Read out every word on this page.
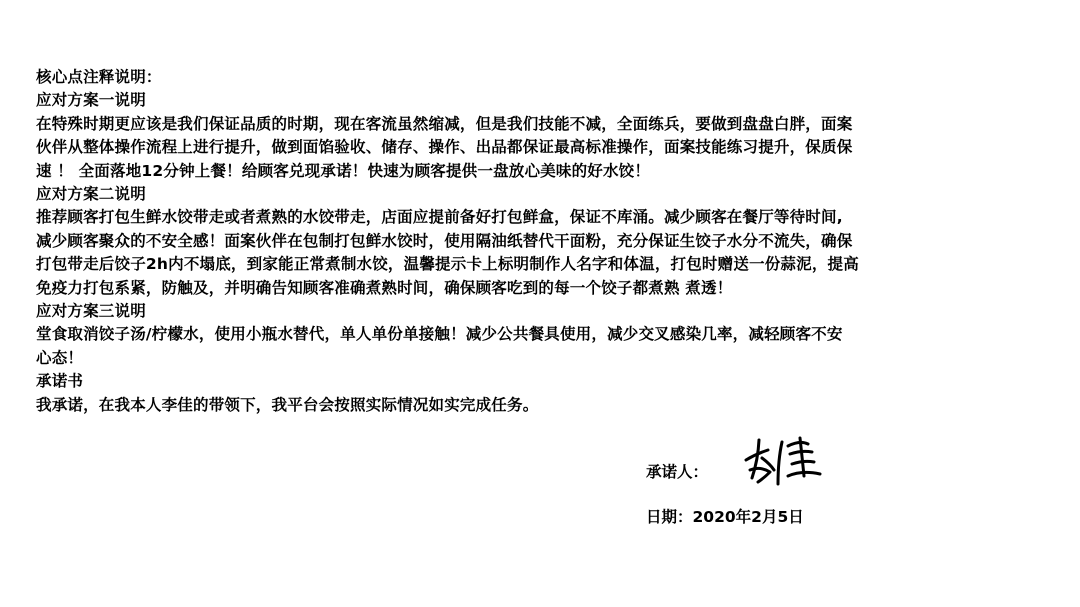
核心点注释说明：
应对方案一说明
在特殊时期更应该是我们保证品质的时期，现在客流虽然缩减，但是我们技能不减，全面练兵，要做到盘盘白胖，面案
伙伴从整体操作流程上进行提升，做到面馅验收、储存、操作、出品都保证最高标准操作，面案技能练习提升，保质保
速 ！ 全面落地12分钟上餐！给顾客兑现承诺！快速为顾客提供一盘放心美味的好水饺！
应对方案二说明
推荐顾客打包生鲜水饺带走或者煮熟的水饺带走，店面应提前备好打包鲜盒，保证不库涌。减少顾客在餐厅等待时间,
减少顾客聚众的不安全感！面案伙伴在包制打包鲜水饺时，使用隔油纸替代干面粉，充分保证生饺子水分不流失，确保
打包带走后饺子2h内不塌底，到家能正常煮制水饺，温馨提示卡上标明制作人名字和体温，打包时赠送一份蒜泥，提高
免疫力打包系紧，防触及，并明确告知顾客准确煮熟时间，确保顾客吃到的每一个饺子都煮熟 煮透！
应对方案三说明
堂食取消饺子汤/柠檬水，使用小瓶水替代，单人单份单接触！减少公共餐具使用，减少交叉感染几率，减轻顾客不安
心态！
承诺书
我承诺，在我本人李佳的带领下，我平台会按照实际情况如实完成任务。
承诺人：
日期：2020年2月5日
